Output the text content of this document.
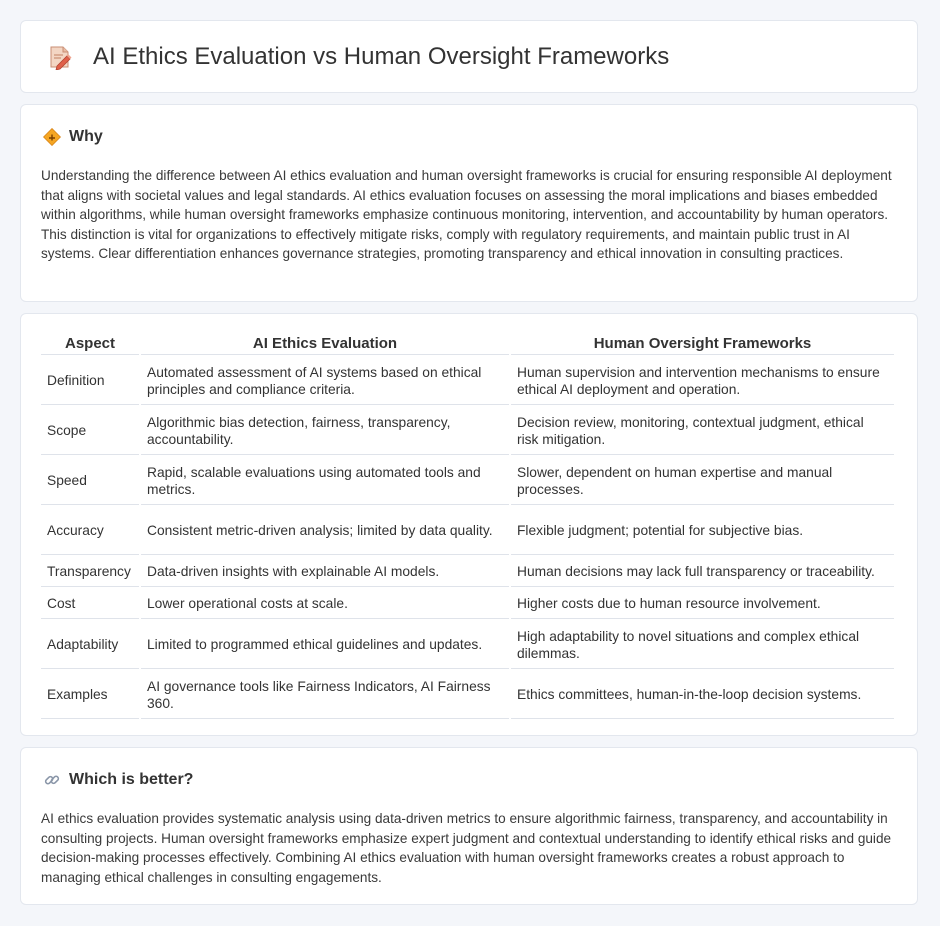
AI Ethics Evaluation vs Human Oversight Frameworks
Why

Understanding the difference between AI ethics evaluation and human oversight frameworks is crucial for ensuring responsible AI deployment that aligns with societal values and legal standards. AI ethics evaluation focuses on assessing the moral implications and biases embedded within algorithms, while human oversight frameworks emphasize continuous monitoring, intervention, and accountability by human operators. This distinction is vital for organizations to effectively mitigate risks, comply with regulatory requirements, and maintain public trust in AI systems. Clear differentiation enhances governance strategies, promoting transparency and ethical innovation in consulting practices.

Aspect	AI Ethics Evaluation	Human Oversight Frameworks
Definition	Automated assessment of AI systems based on ethical principles and compliance criteria.	Human supervision and intervention mechanisms to ensure ethical AI deployment and operation.
Scope	Algorithmic bias detection, fairness, transparency, accountability.	Decision review, monitoring, contextual judgment, ethical risk mitigation.
Speed	Rapid, scalable evaluations using automated tools and metrics.	Slower, dependent on human expertise and manual processes.
Accuracy	Consistent metric-driven analysis; limited by data quality.	Flexible judgment; potential for subjective bias.
Transparency	Data-driven insights with explainable AI models.	Human decisions may lack full transparency or traceability.
Cost	Lower operational costs at scale.	Higher costs due to human resource involvement.
Adaptability	Limited to programmed ethical guidelines and updates.	High adaptability to novel situations and complex ethical dilemmas.
Examples	AI governance tools like Fairness Indicators, AI Fairness 360.	Ethics committees, human-in-the-loop decision systems.
Which is better?

AI ethics evaluation provides systematic analysis using data-driven metrics to ensure algorithmic fairness, transparency, and accountability in consulting projects. Human oversight frameworks emphasize expert judgment and contextual understanding to identify ethical risks and guide decision-making processes effectively. Combining AI ethics evaluation with human oversight frameworks creates a robust approach to managing ethical challenges in consulting engagements.
